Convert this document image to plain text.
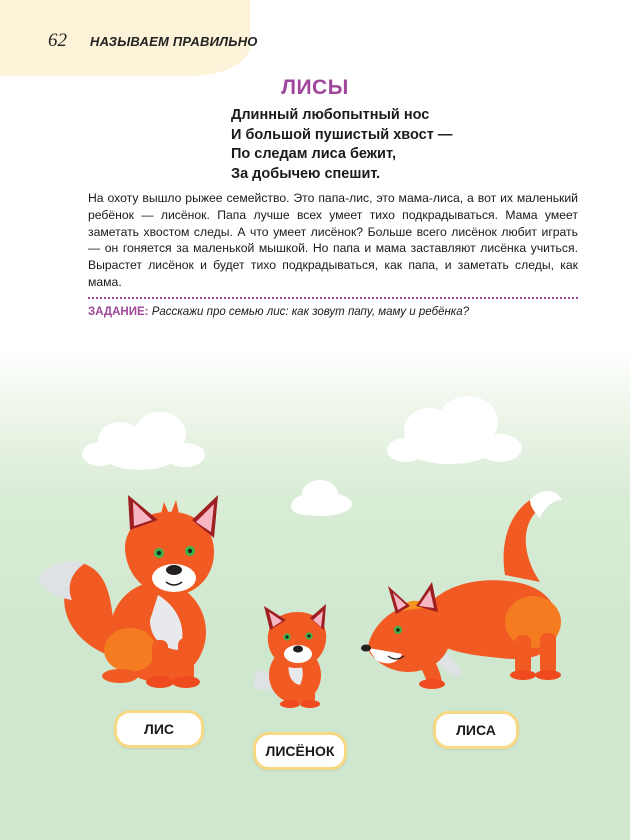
62 НАЗЫВАЕМ ПРАВИЛЬНО
ЛИСЫ
Длинный любопытный нос
И большой пушистый хвост —
По следам лиса бежит,
За добычею спешит.
На охоту вышло рыжее семейство. Это папа-лис, это мама-лиса, а вот их маленький ребёнок — лисёнок. Папа лучше всех умеет тихо подкрадываться. Мама умеет заметать хвостом следы. А что умеет лисёнок? Больше всего лисёнок любит играть — он гоняется за маленькой мышкой. Но папа и мама заставляют лисёнка учиться. Вырастет лисёнок и будет тихо подкрадываться, как папа, и заметать следы, как мама.
ЗАДАНИЕ: Расскажи про семью лис: как зовут папу, маму и ребёнка?
ЛИС
ЛИСЁНОК
ЛИСА
